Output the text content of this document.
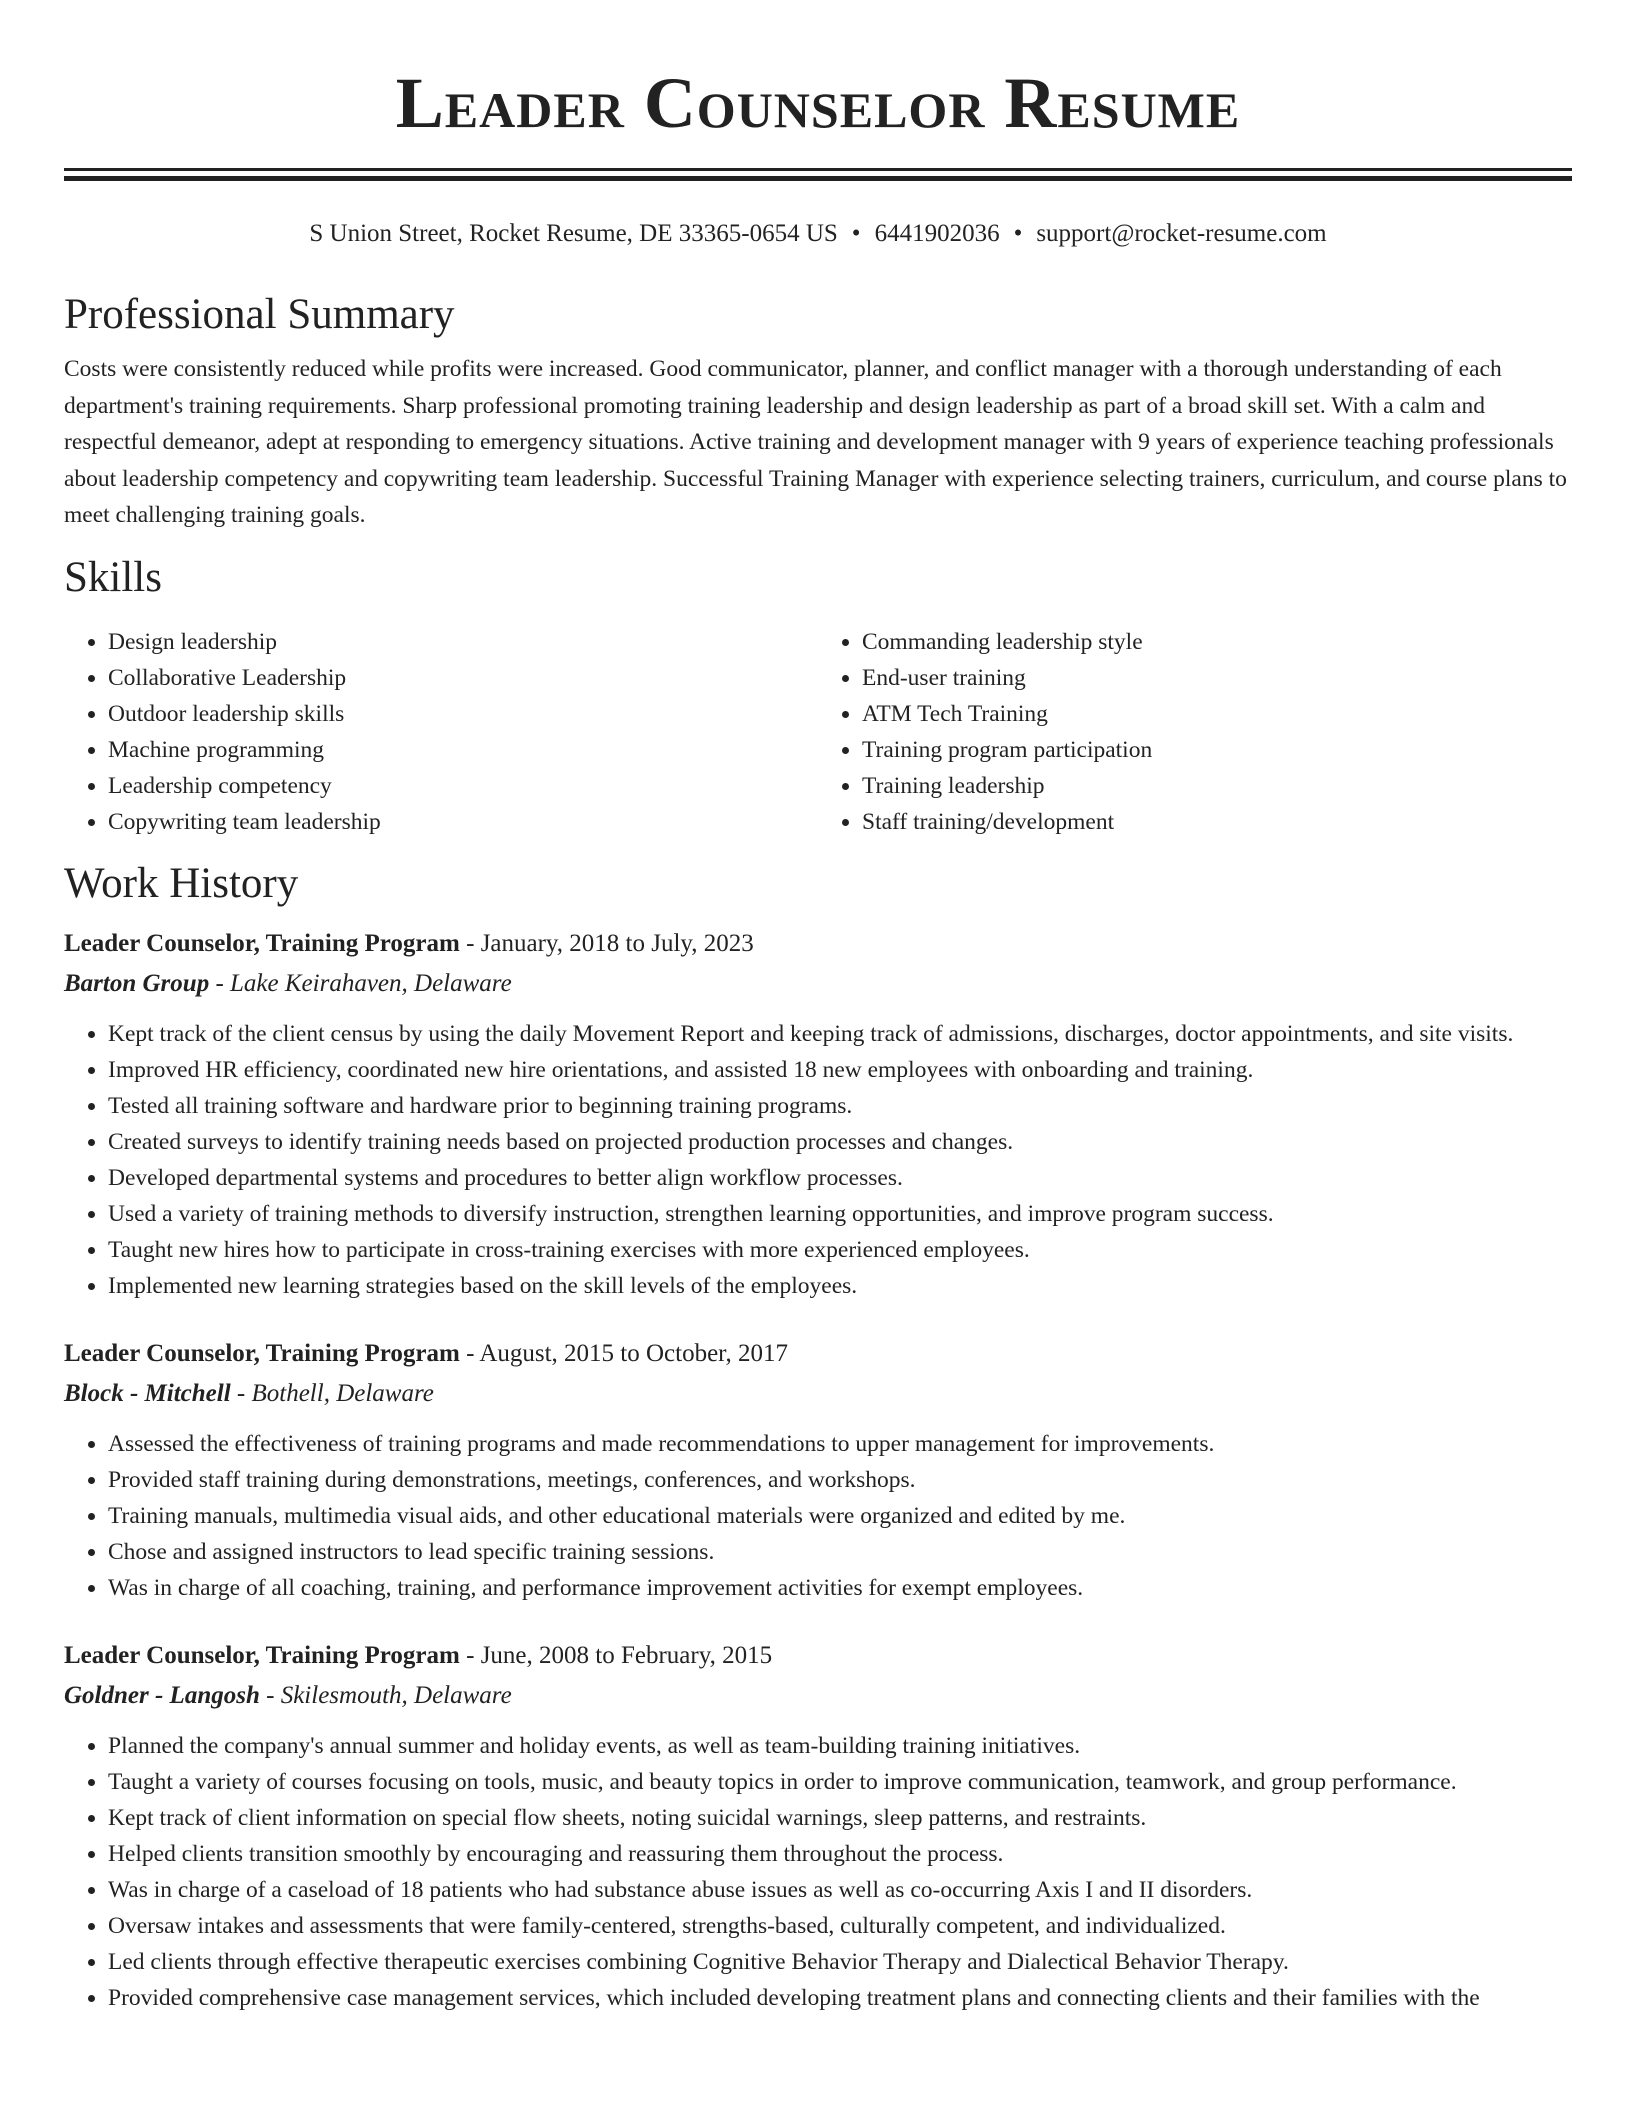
Leader Counselor Resume
S Union Street, Rocket Resume, DE 33365-0654 US • 6441902036 • support@rocket-resume.com
Professional Summary
Costs were consistently reduced while profits were increased. Good communicator, planner, and conflict manager with a thorough understanding of each department's training requirements. Sharp professional promoting training leadership and design leadership as part of a broad skill set. With a calm and respectful demeanor, adept at responding to emergency situations. Active training and development manager with 9 years of experience teaching professionals about leadership competency and copywriting team leadership. Successful Training Manager with experience selecting trainers, curriculum, and course plans to meet challenging training goals.
Skills
• Design leadership
• Collaborative Leadership
• Outdoor leadership skills
• Machine programming
• Leadership competency
• Copywriting team leadership
• Commanding leadership style
• End-user training
• ATM Tech Training
• Training program participation
• Training leadership
• Staff training/development
Work History
Leader Counselor, Training Program - January, 2018 to July, 2023
Barton Group - Lake Keirahaven, Delaware
• Kept track of the client census by using the daily Movement Report and keeping track of admissions, discharges, doctor appointments, and site visits.
• Improved HR efficiency, coordinated new hire orientations, and assisted 18 new employees with onboarding and training.
• Tested all training software and hardware prior to beginning training programs.
• Created surveys to identify training needs based on projected production processes and changes.
• Developed departmental systems and procedures to better align workflow processes.
• Used a variety of training methods to diversify instruction, strengthen learning opportunities, and improve program success.
• Taught new hires how to participate in cross-training exercises with more experienced employees.
• Implemented new learning strategies based on the skill levels of the employees.
Leader Counselor, Training Program - August, 2015 to October, 2017
Block - Mitchell - Bothell, Delaware
• Assessed the effectiveness of training programs and made recommendations to upper management for improvements.
• Provided staff training during demonstrations, meetings, conferences, and workshops.
• Training manuals, multimedia visual aids, and other educational materials were organized and edited by me.
• Chose and assigned instructors to lead specific training sessions.
• Was in charge of all coaching, training, and performance improvement activities for exempt employees.
Leader Counselor, Training Program - June, 2008 to February, 2015
Goldner - Langosh - Skilesmouth, Delaware
• Planned the company's annual summer and holiday events, as well as team-building training initiatives.
• Taught a variety of courses focusing on tools, music, and beauty topics in order to improve communication, teamwork, and group performance.
• Kept track of client information on special flow sheets, noting suicidal warnings, sleep patterns, and restraints.
• Helped clients transition smoothly by encouraging and reassuring them throughout the process.
• Was in charge of a caseload of 18 patients who had substance abuse issues as well as co-occurring Axis I and II disorders.
• Oversaw intakes and assessments that were family-centered, strengths-based, culturally competent, and individualized.
• Led clients through effective therapeutic exercises combining Cognitive Behavior Therapy and Dialectical Behavior Therapy.
• Provided comprehensive case management services, which included developing treatment plans and connecting clients and their families with the
